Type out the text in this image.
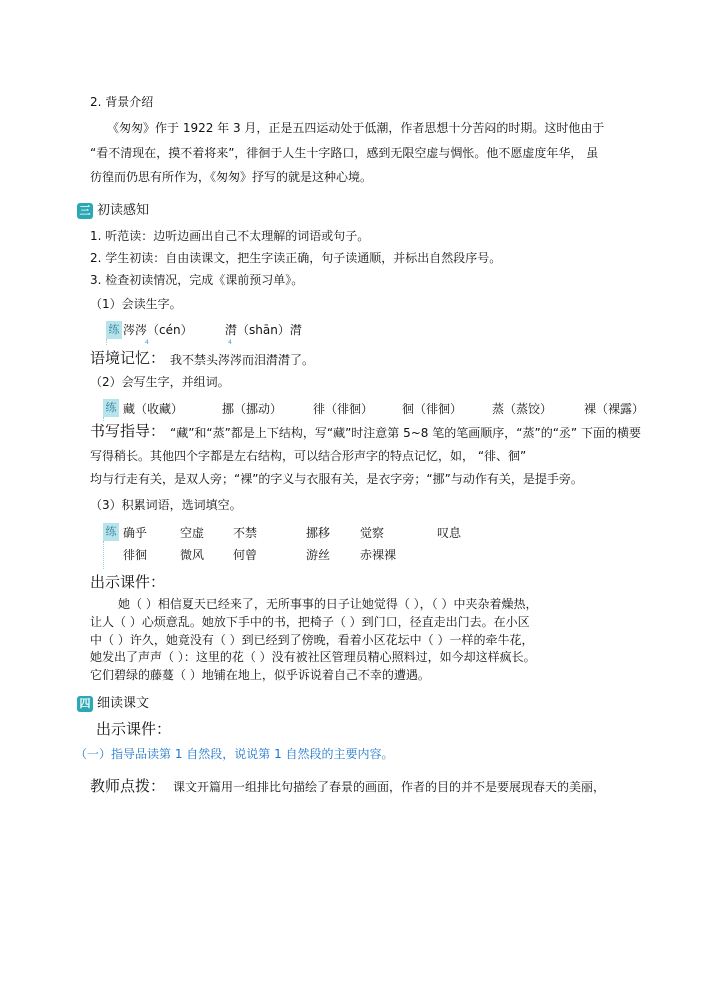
2. 背景介绍
《匆匆》作于 1922 年 3 月，正是五四运动处于低潮，作者思想十分苦闷的时期。这时他由于
“看不清现在，摸不着将来”，徘徊于人生十字路口，感到无限空虚与惆怅。他不愿虚度年华， 虽
彷徨而仍思有所作为，《匆匆》抒写的就是这种心境。
三 初读感知
1. 听范读：边听边画出自己不太理解的词语或句子。
2. 学生初读：自由读课文，把生字读正确，句子读通顺，并标出自然段序号。
3. 检查初读情况，完成《课前预习单》。
（1）会读生字。
练 涔涔（cén）	潸（shān）潸
4	4
语境记忆： 我不禁头涔涔而泪潸潸了。
（2）会写生字，并组词。
练 藏（收藏）	挪（挪动）	徘（徘徊） 徊（徘徊） 蒸（蒸饺）	裸（裸露）
书写指导： “藏”和“蒸”都是上下结构，写“藏”时注意第 5~8 笔的笔画顺序，“蒸”的“丞” 下面的横要
写得稍长。其他四个字都是左右结构，可以结合形声字的特点记忆，如， “徘、徊”
均与行走有关，是双人旁；“裸”的字义与衣服有关，是衣字旁；“挪”与动作有关，是提手旁。
（3）积累词语，选词填空。
练 确乎	空虚 不禁	挪移 觉察	叹息
徘徊	微风 何曾	游丝 赤裸裸
出示课件：
她（ ）相信夏天已经来了，无所事事的日子让她觉得（ ），（ ）中夹杂着燥热，
让人（ ）心烦意乱。她放下手中的书，把椅子（ ）到门口，径直走出门去。在小区
中（ ）许久，她竟没有（ ）到已经到了傍晚，看着小区花坛中（ ）一样的牵牛花，
她发出了声声（ ）：这里的花（ ）没有被社区管理员精心照料过，如今却这样疯长。
它们碧绿的藤蔓（ ）地铺在地上，似乎诉说着自己不幸的遭遇。
四 细读课文
出示课件：
（一）指导品读第 1 自然段，说说第 1 自然段的主要内容。
教师点拨： 课文开篇用一组排比句描绘了春景的画面，作者的目的并不是要展现春天的美丽，
